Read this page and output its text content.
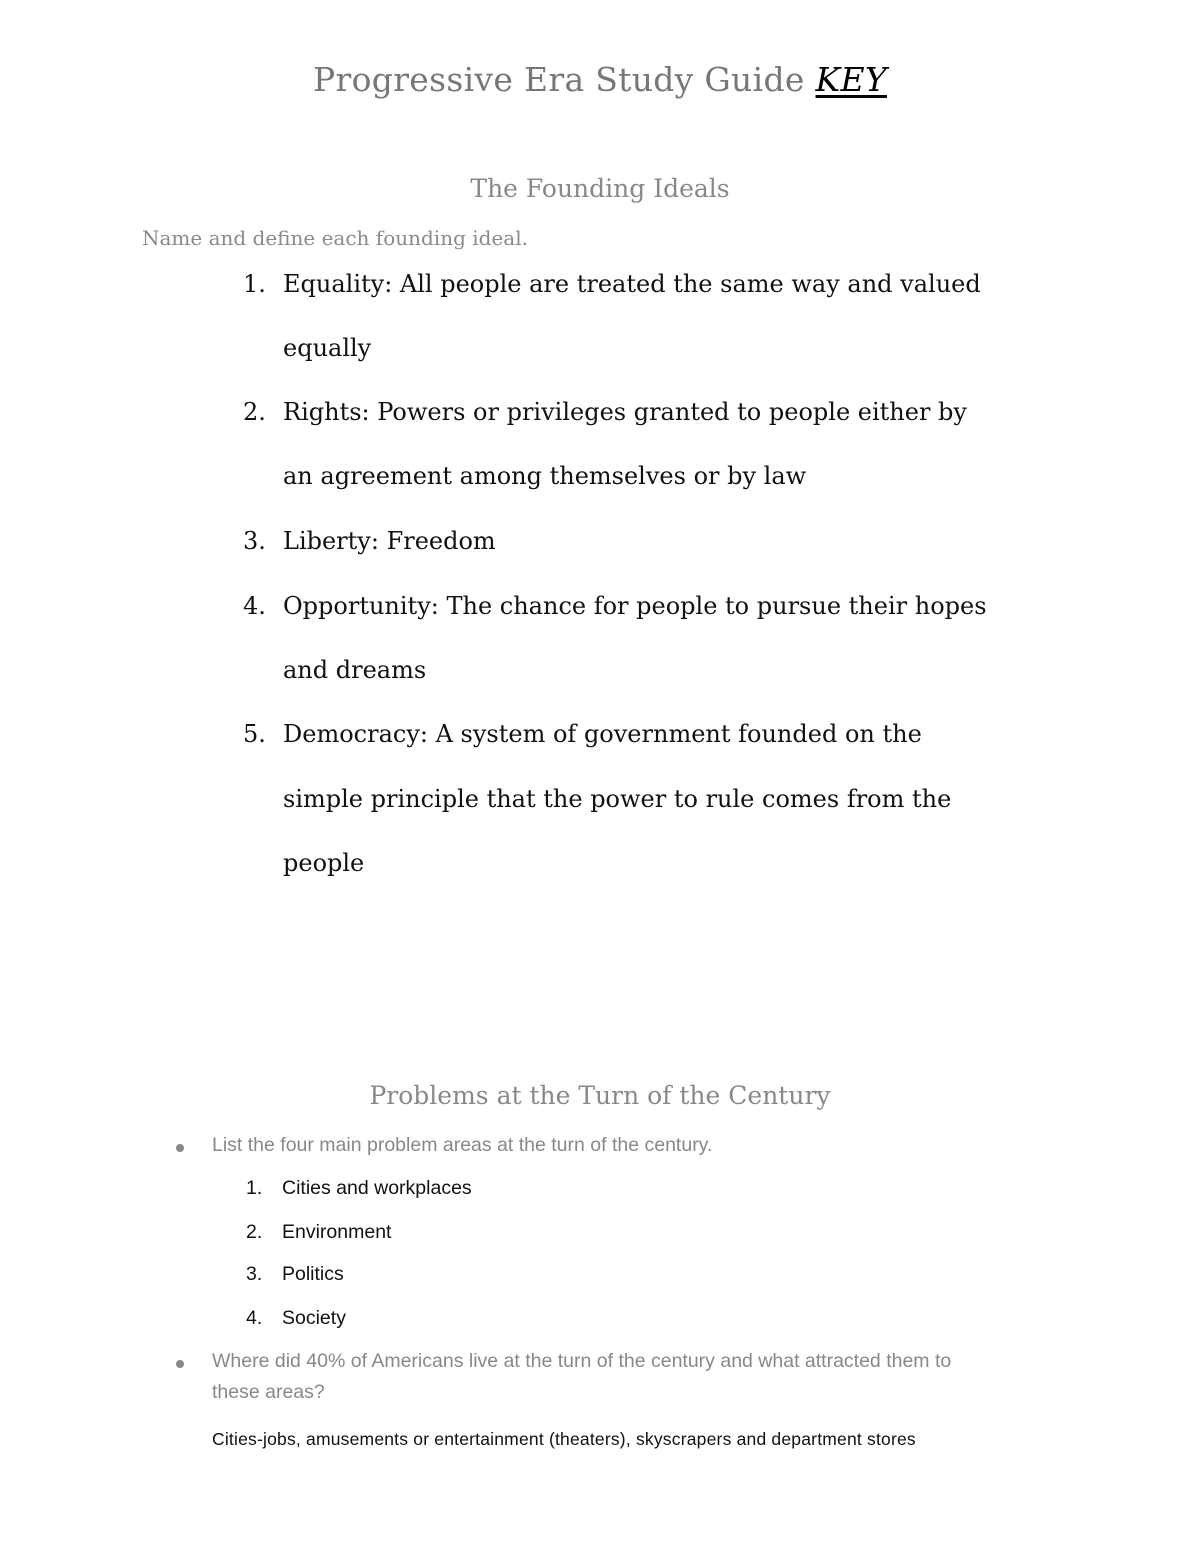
Progressive Era Study Guide KEY
The Founding Ideals
Name and define each founding ideal.
1. Equality: All people are treated the same way and valued
equally
2. Rights: Powers or privileges granted to people either by
an agreement among themselves or by law
3. Liberty: Freedom
4. Opportunity: The chance for people to pursue their hopes
and dreams
5. Democracy: A system of government founded on the
simple principle that the power to rule comes from the
people
Problems at the Turn of the Century
List the four main problem areas at the turn of the century.
1. Cities and workplaces
2. Environment
3. Politics
4. Society
Where did 40% of Americans live at the turn of the century and what attracted them to
these areas?
Cities-jobs, amusements or entertainment (theaters), skyscrapers and department stores
